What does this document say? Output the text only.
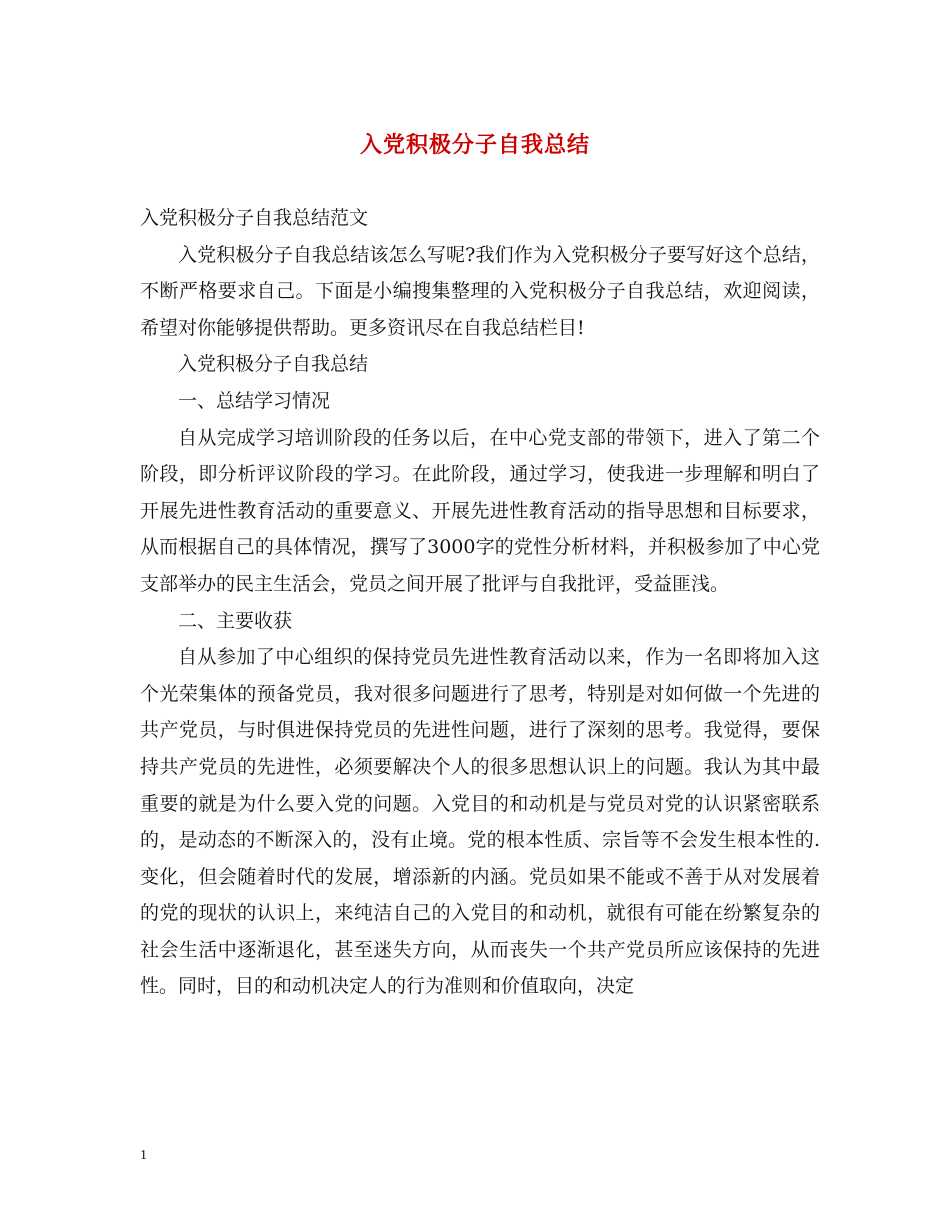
入党积极分子自我总结

入党积极分子自我总结范文

入党积极分子自我总结该怎么写呢?我们作为入党积极分子要写好这个总结，不断严格要求自己。下面是小编搜集整理的入党积极分子自我总结，欢迎阅读，希望对你能够提供帮助。更多资讯尽在自我总结栏目!

入党积极分子自我总结

一、总结学习情况

自从完成学习培训阶段的任务以后，在中心党支部的带领下，进入了第二个阶段，即分析评议阶段的学习。在此阶段，通过学习，使我进一步理解和明白了开展先进性教育活动的重要意义、开展先进性教育活动的指导思想和目标要求，从而根据自己的具体情况，撰写了3000字的党性分析材料，并积极参加了中心党支部举办的民主生活会，党员之间开展了批评与自我批评，受益匪浅。

二、主要收获

自从参加了中心组织的保持党员先进性教育活动以来，作为一名即将加入这个光荣集体的预备党员，我对很多问题进行了思考，特别是对如何做一个先进的共产党员，与时俱进保持党员的先进性问题，进行了深刻的思考。我觉得，要保持共产党员的先进性，必须要解决个人的很多思想认识上的问题。我认为其中最重要的就是为什么要入党的问题。入党目的和动机是与党员对党的认识紧密联系的，是动态的不断深入的，没有止境。党的根本性质、宗旨等不会发生根本性的.变化，但会随着时代的发展，增添新的内涵。党员如果不能或不善于从对发展着的党的现状的认识上，来纯洁自己的入党目的和动机，就很有可能在纷繁复杂的社会生活中逐渐退化，甚至迷失方向，从而丧失一个共产党员所应该保持的先进性。同时，目的和动机决定人的行为准则和价值取向，决定

1
